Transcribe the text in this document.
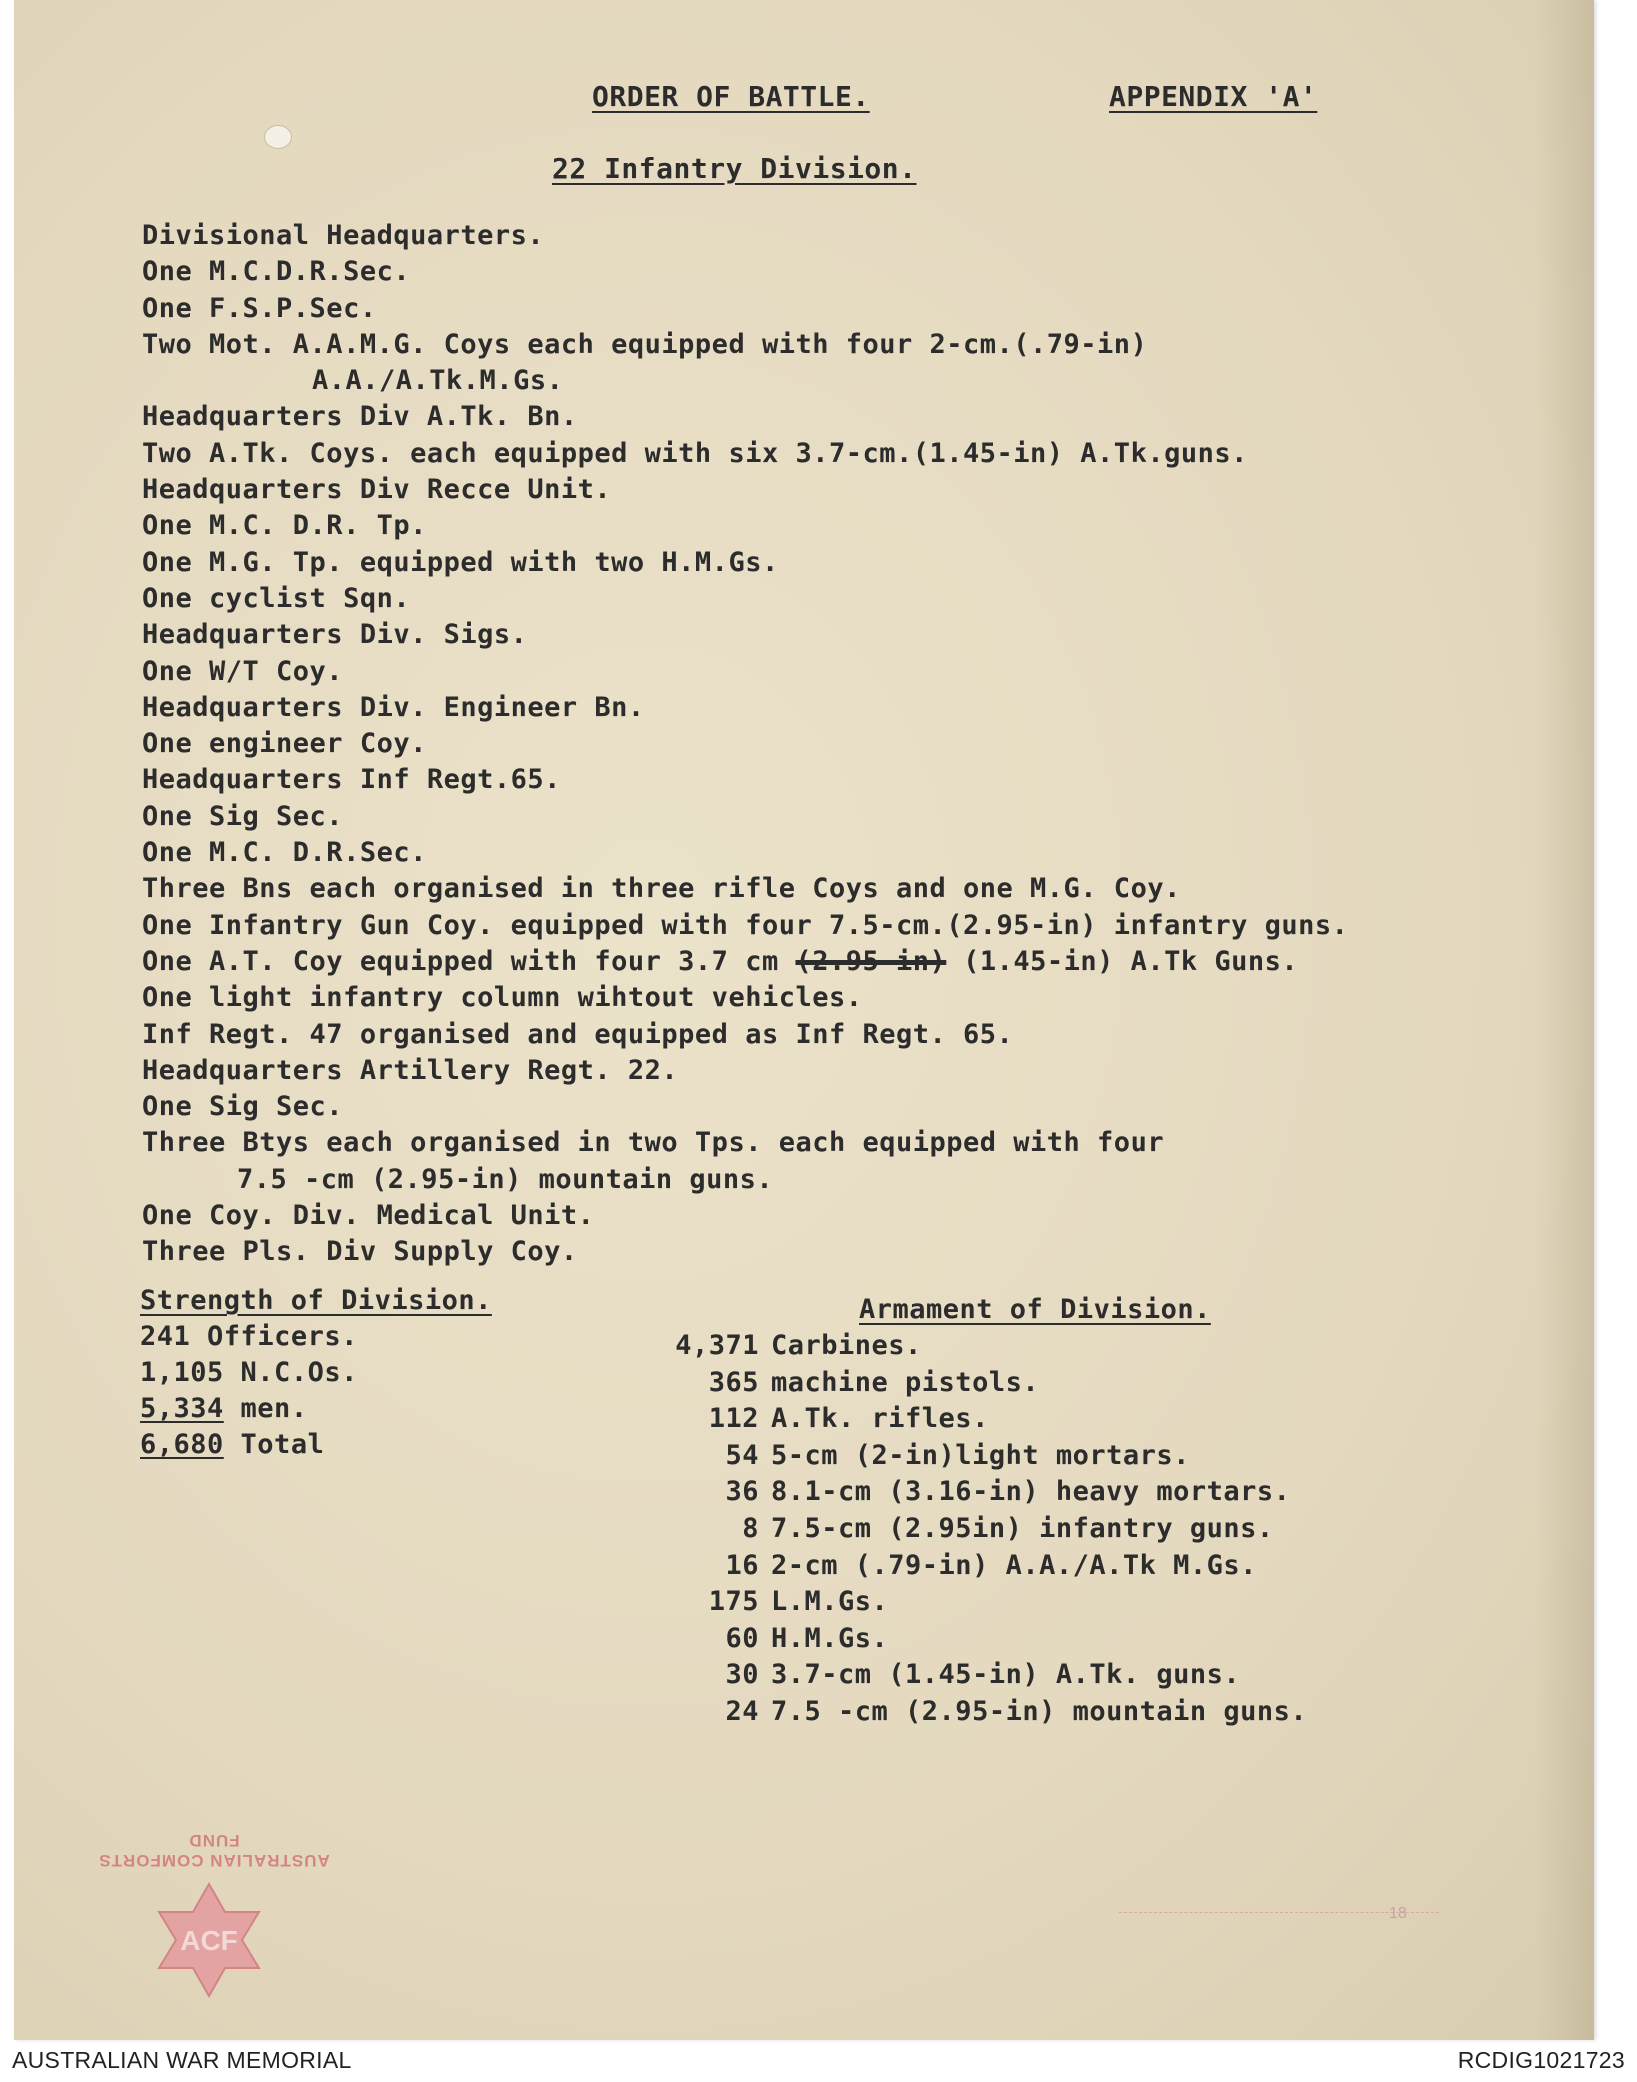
ORDER OF BATTLE.	APPENDIX 'A'
22 Infantry Division.
Divisional Headquarters.
One M.C.D.R.Sec.
One F.S.P.Sec.
Two Mot. A.A.M.G. Coys each equipped with four 2-cm.(.79-in)
A.A./A.Tk.M.Gs.
Headquarters Div A.Tk. Bn.
Two A.Tk. Coys. each equipped with six 3.7-cm.(1.45-in) A.Tk.guns.
Headquarters Div Recce Unit.
One M.C. D.R. Tp.
One M.G. Tp. equipped with two H.M.Gs.
One cyclist Sqn.
Headquarters Div. Sigs.
One W/T Coy.
Headquarters Div. Engineer Bn.
One engineer Coy.
Headquarters Inf Regt.65.
One Sig Sec.
One M.C. D.R.Sec.
Three Bns each organised in three rifle Coys and one M.G. Coy.
One Infantry Gun Coy. equipped with four 7.5-cm.(2.95-in) infantry guns.
One A.T. Coy equipped with four 3.7 cm (2.95-in) (1.45-in) A.Tk Guns.
One light infantry column wihtout vehicles.
Inf Regt. 47 organised and equipped as Inf Regt. 65.
Headquarters Artillery Regt. 22.
One Sig Sec.
Three Btys each organised in two Tps. each equipped with four
7.5 -cm (2.95-in) mountain guns.
One Coy. Div. Medical Unit.
Three Pls. Div Supply Coy.
Strength of Division.
241 Officers.
1,105 N.C.Os.
5,334 men.
6,680 Total
Armament of Division.
4,371 Carbines.
365 machine pistols.
112 A.Tk. rifles.
54 5-cm (2-in)light mortars.
36 8.1-cm (3.16-in) heavy mortars.
8 7.5-cm (2.95in) infantry guns.
16 2-cm (.79-in) A.A./A.Tk M.Gs.
175 L.M.Gs.
60 H.M.Gs.
30 3.7-cm (1.45-in) A.Tk. guns.
24 7.5 -cm (2.95-in) mountain guns.
AUSTRALIAN COMFORTS FUND
ACF
18
AUSTRALIAN WAR MEMORIAL	RCDIG1021723
